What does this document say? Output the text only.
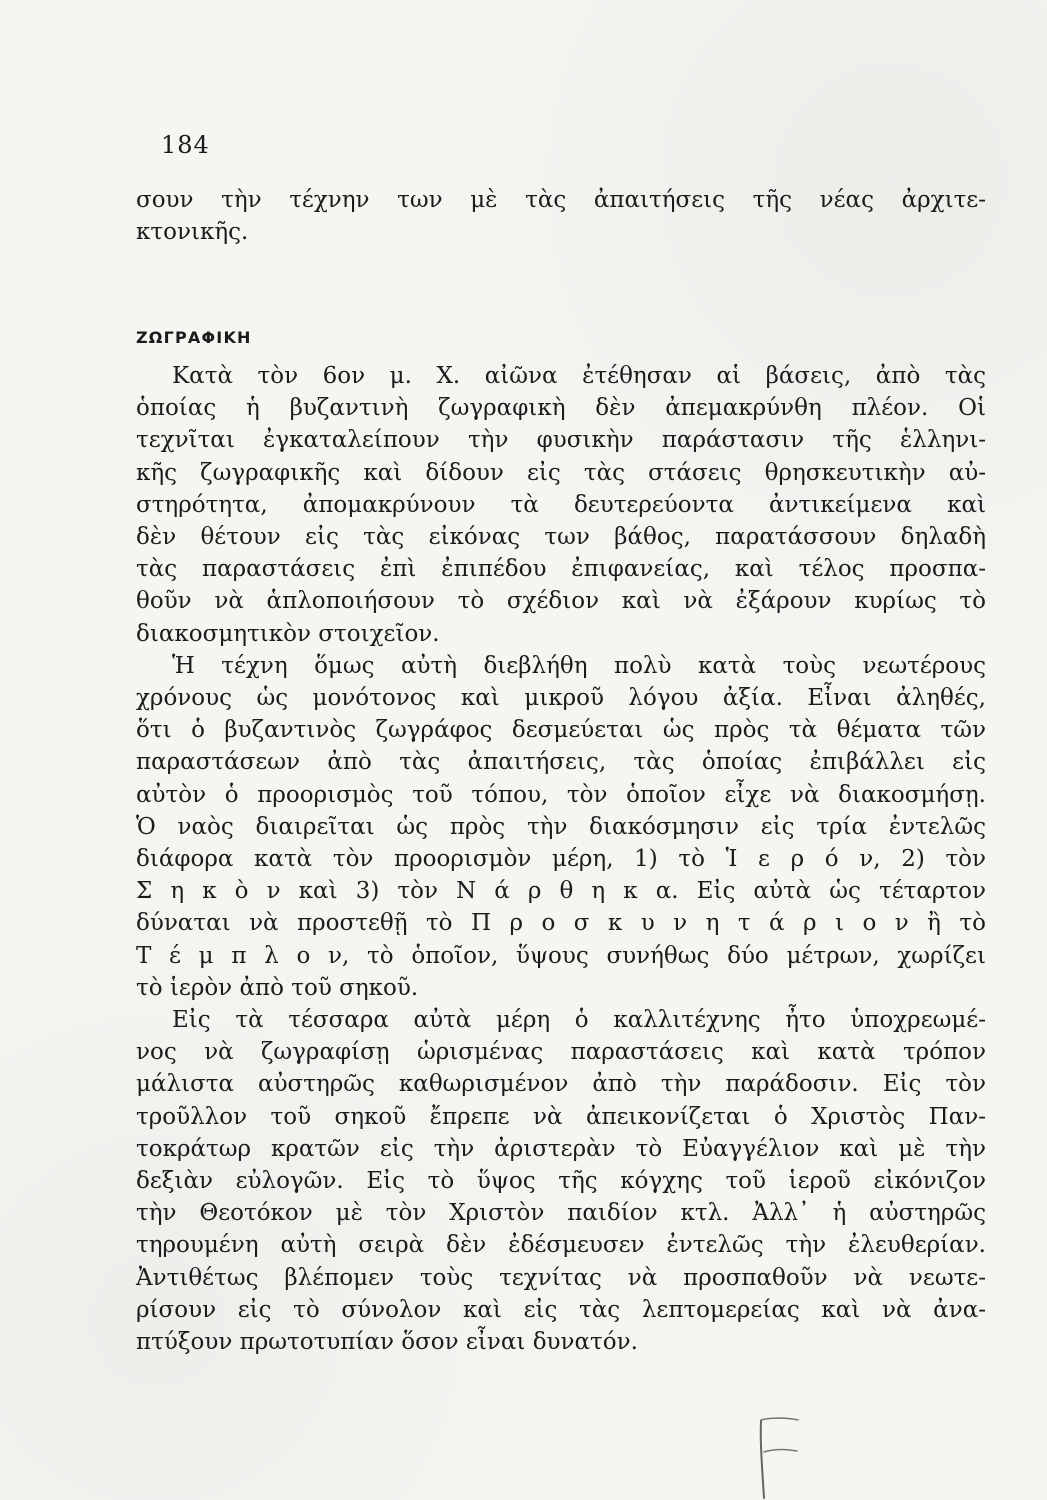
184
σουν τὴν τέχνην των μὲ τὰς ἀπαιτήσεις τῆς νέας ἀρχιτε-
κτονικῆς.
ΖΩΓΡΑΦΙΚΗ
Κατὰ τὸν 6ον μ. Χ. αἰῶνα ἐτέθησαν αἱ βάσεις, ἀπὸ τὰς
ὁποίας ἡ βυζαντινὴ ζωγραφικὴ δὲν ἀπεμακρύνθη πλέον. Οἱ
τεχνῖται ἐγκαταλείπουν τὴν φυσικὴν παράστασιν τῆς ἑλληνι-
κῆς ζωγραφικῆς καὶ δίδουν εἰς τὰς στάσεις θρησκευτικὴν αὐ-
στηρότητα, ἀπομακρύνουν τὰ δευτερεύοντα ἀντικείμενα καὶ
δὲν θέτουν εἰς τὰς εἰκόνας των βάθος, παρατάσσουν δηλαδὴ
τὰς παραστάσεις ἐπὶ ἐπιπέδου ἐπιφανείας, καὶ τέλος προσπα-
θοῦν νὰ ἁπλοποιήσουν τὸ σχέδιον καὶ νὰ ἐξάρουν κυρίως τὸ
διακοσμητικὸν στοιχεῖον.
Ἡ τέχνη ὅμως αὐτὴ διεβλήθη πολὺ κατὰ τοὺς νεωτέρους
χρόνους ὡς μονότονος καὶ μικροῦ λόγου ἀξία. Εἶναι ἀληθές,
ὅτι ὁ βυζαντινὸς ζωγράφος δεσμεύεται ὡς πρὸς τὰ θέματα τῶν
παραστάσεων ἀπὸ τὰς ἀπαιτήσεις, τὰς ὁποίας ἐπιβάλλει εἰς
αὐτὸν ὁ προορισμὸς τοῦ τόπου, τὸν ὁποῖον εἶχε νὰ διακοσμήσῃ.
Ὁ ναὸς διαιρεῖται ὡς πρὸς τὴν διακόσμησιν εἰς τρία ἐντελῶς
διάφορα κατὰ τὸν προορισμὸν μέρη, 1) τὸ Ἱ ε ρ ό ν, 2) τὸν
Σ η κ ὸ ν καὶ 3) τὸν Ν ά ρ θ η κ α. Εἰς αὐτὰ ὡς τέταρτον
δύναται νὰ προστεθῇ τὸ Π ρ ο σ κ υ ν η τ ά ρ ι ο ν ἢ τὸ
Τ έ μ π λ ο ν, τὸ ὁποῖον, ὕψους συνήθως δύο μέτρων, χωρίζει
τὸ ἱερὸν ἀπὸ τοῦ σηκοῦ.
Εἰς τὰ τέσσαρα αὐτὰ μέρη ὁ καλλιτέχνης ἦτο ὑποχρεωμέ-
νος νὰ ζωγραφίσῃ ὡρισμένας παραστάσεις καὶ κατὰ τρόπον
μάλιστα αὐστηρῶς καθωρισμένον ἀπὸ τὴν παράδοσιν. Εἰς τὸν
τροῦλλον τοῦ σηκοῦ ἔπρεπε νὰ ἀπεικονίζεται ὁ Χριστὸς Παν-
τοκράτωρ κρατῶν εἰς τὴν ἀριστερὰν τὸ Εὐαγγέλιον καὶ μὲ τὴν
δεξιὰν εὐλογῶν. Εἰς τὸ ὕψος τῆς κόγχης τοῦ ἱεροῦ εἰκόνιζον
τὴν Θεοτόκον μὲ τὸν Χριστὸν παιδίον κτλ. Ἀλλ᾽ ἡ αὐστηρῶς
τηρουμένη αὐτὴ σειρὰ δὲν ἐδέσμευσεν ἐντελῶς τὴν ἐλευθερίαν.
Ἀντιθέτως βλέπομεν τοὺς τεχνίτας νὰ προσπαθοῦν νὰ νεωτε-
ρίσουν εἰς τὸ σύνολον καὶ εἰς τὰς λεπτομερείας καὶ νὰ ἀνα-
πτύξουν πρωτοτυπίαν ὅσον εἶναι δυνατόν.
